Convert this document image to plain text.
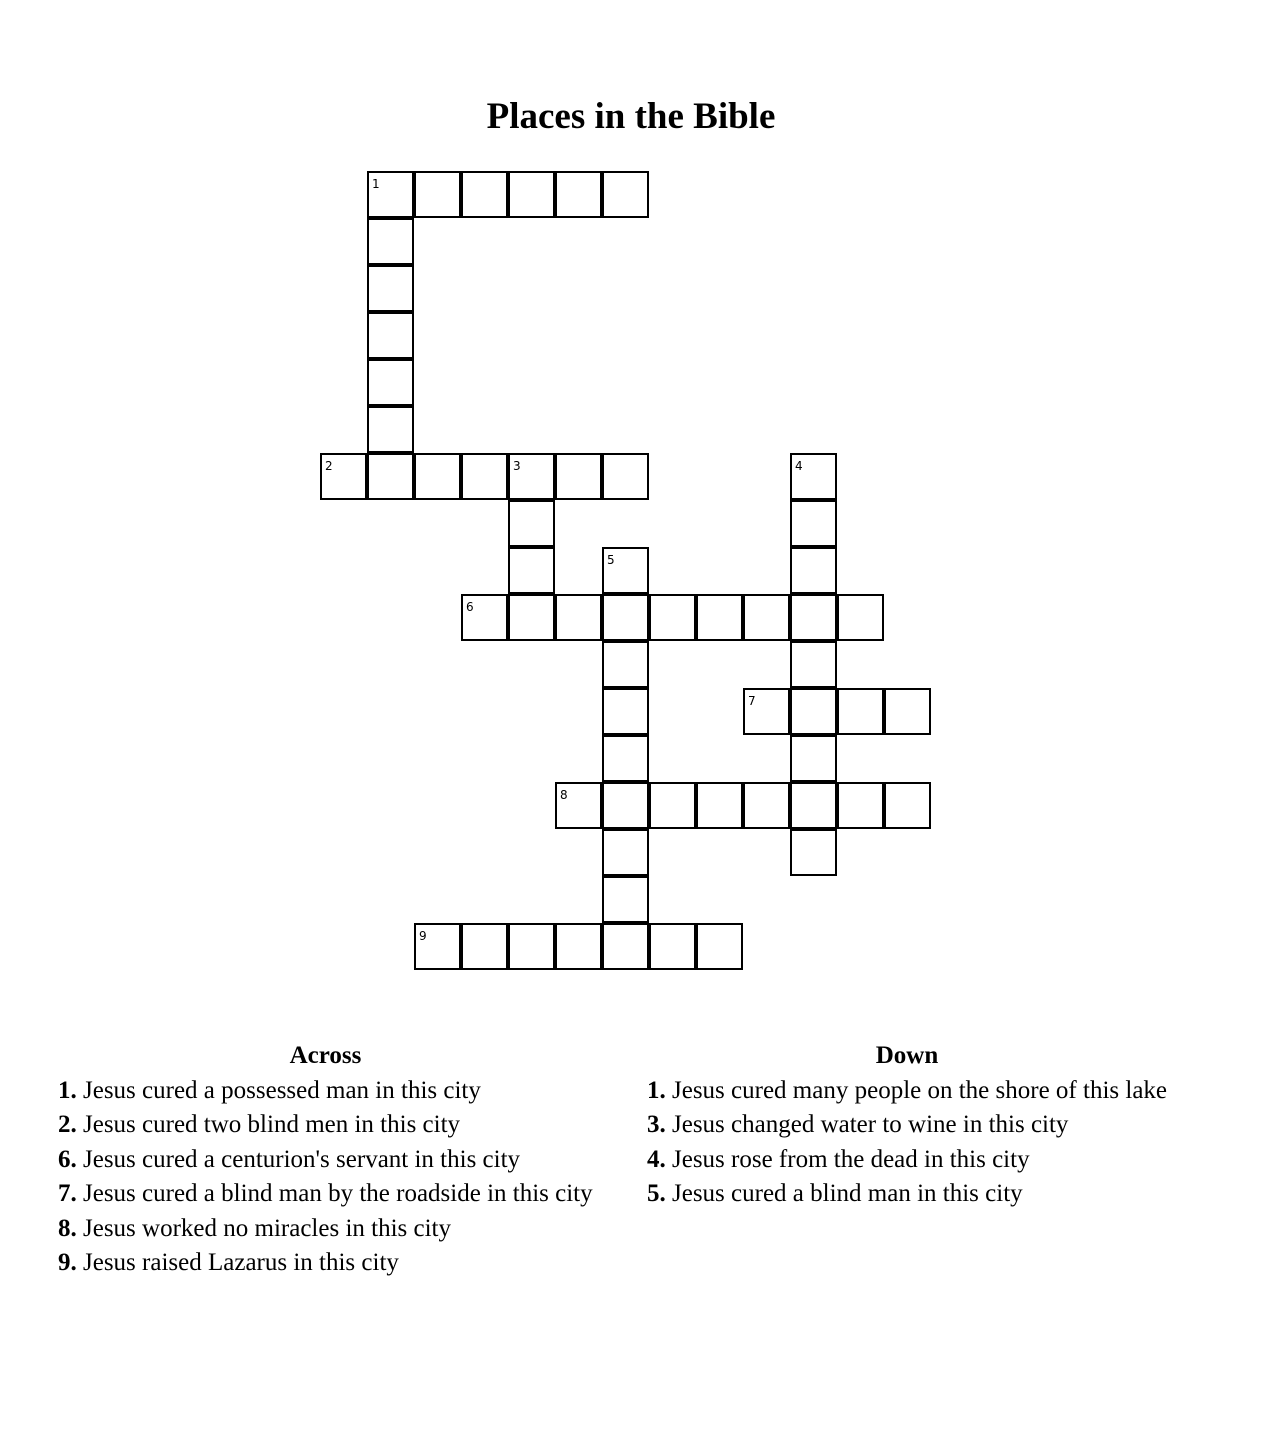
Places in the Bible
1
2	3	4
5
6
7
8
9
Across
1. Jesus cured a possessed man in this city
2. Jesus cured two blind men in this city
6. Jesus cured a centurion's servant in this city
7. Jesus cured a blind man by the roadside in this city
8. Jesus worked no miracles in this city
9. Jesus raised Lazarus in this city
Down
1. Jesus cured many people on the shore of this lake
3. Jesus changed water to wine in this city
4. Jesus rose from the dead in this city
5. Jesus cured a blind man in this city
